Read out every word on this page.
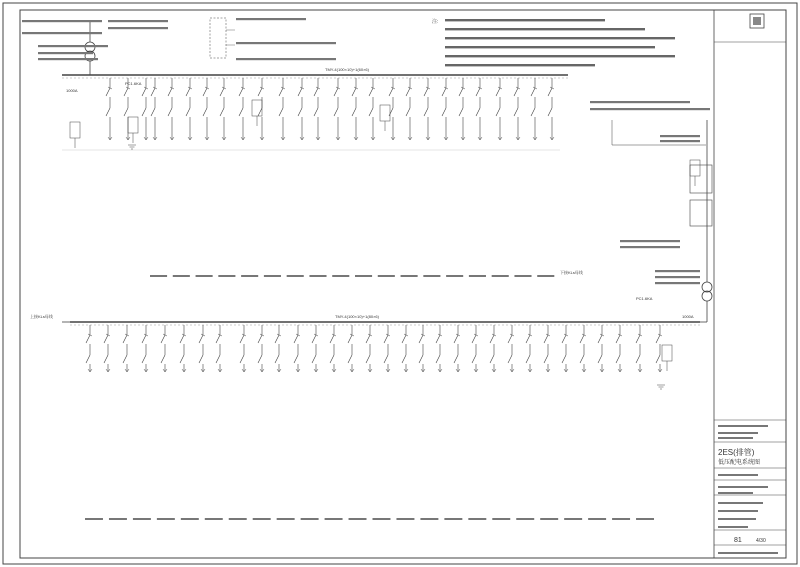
2ES(排管)
低压配电系统图
81	4/30
TMY-4(100×10)+1(60×6)
1000A
PC1.6KA
TMY-4(100×10)+1(80×6)
上接KLs母线	1000A
下接KLs母线
PC1.6KA
注:
